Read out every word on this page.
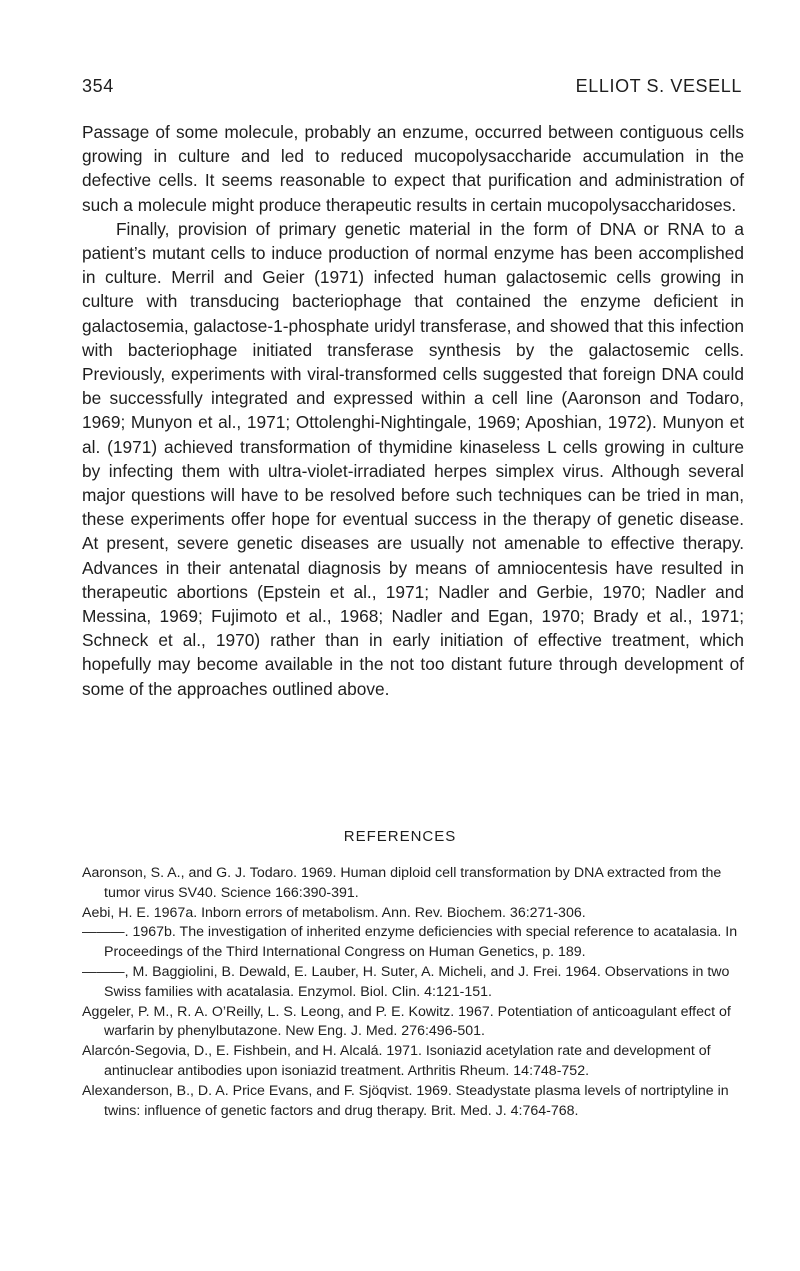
354	ELLIOT S. VESELL

Passage of some molecule, probably an enzume, occurred between contiguous cells growing in culture and led to reduced mucopolysaccharide accumulation in the defective cells. It seems reasonable to expect that purification and administration of such a molecule might produce therapeutic results in certain mucopolysaccharidoses.

Finally, provision of primary genetic material in the form of DNA or RNA to a patient’s mutant cells to induce production of normal enzyme has been accomplished in culture. Merril and Geier (1971) infected human galactosemic cells growing in culture with transducing bacteriophage that contained the enzyme deficient in galactosemia, galactose-1-phosphate uridyl transferase, and showed that this infection with bacteriophage initiated transferase synthesis by the galactosemic cells. Previously, experiments with viral-transformed cells suggested that foreign DNA could be successfully integrated and expressed within a cell line (Aaronson and Todaro, 1969; Munyon et al., 1971; Ottolenghi-Nightingale, 1969; Aposhian, 1972). Munyon et al. (1971) achieved transformation of thymidine kinaseless L cells growing in culture by infecting them with ultra-violet-irradiated herpes simplex virus. Although several major questions will have to be resolved before such techniques can be tried in man, these experiments offer hope for eventual success in the therapy of genetic disease. At present, severe genetic diseases are usually not amenable to effective therapy. Advances in their antenatal diagnosis by means of amniocentesis have resulted in therapeutic abortions (Epstein et al., 1971; Nadler and Gerbie, 1970; Nadler and Messina, 1969; Fujimoto et al., 1968; Nadler and Egan, 1970; Brady et al., 1971; Schneck et al., 1970) rather than in early initiation of effective treatment, which hopefully may become available in the not too distant future through development of some of the approaches outlined above.

REFERENCES

Aaronson, S. A., and G. J. Todaro. 1969. Human diploid cell transformation by DNA extracted from the tumor virus SV40. Science 166:390-391.

Aebi, H. E. 1967a. Inborn errors of metabolism. Ann. Rev. Biochem. 36:271-306.

———. 1967b. The investigation of inherited enzyme deficiencies with special reference to acatalasia. In Proceedings of the Third International Congress on Human Genetics, p. 189.

———, M. Baggiolini, B. Dewald, E. Lauber, H. Suter, A. Micheli, and J. Frei. 1964. Observations in two Swiss families with acatalasia. Enzymol. Biol. Clin. 4:121-151.

Aggeler, P. M., R. A. O’Reilly, L. S. Leong, and P. E. Kowitz. 1967. Potentiation of anticoagulant effect of warfarin by phenylbutazone. New Eng. J. Med. 276:496-501.

Alarcón-Segovia, D., E. Fishbein, and H. Alcalá. 1971. Isoniazid acetylation rate and development of antinuclear antibodies upon isoniazid treatment. Arthritis Rheum. 14:748-752.

Alexanderson, B., D. A. Price Evans, and F. Sjöqvist. 1969. Steadystate plasma levels of nortriptyline in twins: influence of genetic factors and drug therapy. Brit. Med. J. 4:764-768.
